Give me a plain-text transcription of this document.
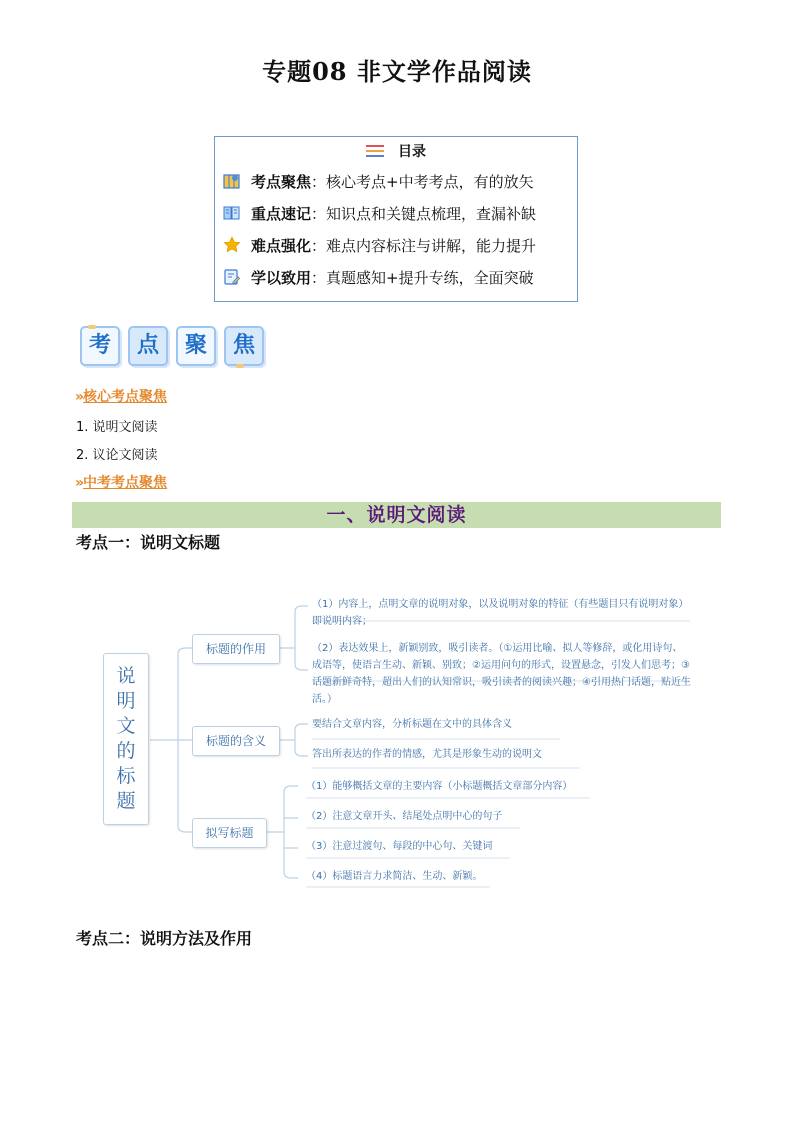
专题08 非文学作品阅读
目录
考点聚焦：核心考点+中考考点，有的放矢
重点速记：知识点和关键点梳理，查漏补缺
难点强化：难点内容标注与讲解，能力提升
学以致用：真题感知+提升专练，全面突破
考	点	聚	焦
» 核心考点聚焦
1. 说明文阅读
2. 议论文阅读
» 中考考点聚焦
一、说明文阅读
考点一：说明文标题
说明文的标题
标题的作用
标题的含义
拟写标题
（1）内容上，点明文章的说明对象，以及说明对象的特征（有些题目只有说明对象）即说明内容；
（2）表达效果上，新颖别致，吸引读者。（①运用比喻、拟人等修辞，或化用诗句、成语等，使语言生动、新颖、别致；②运用问句的形式，设置悬念，引发人们思考；③话题新鲜奇特，超出人们的认知常识，吸引读者的阅读兴趣；④引用热门话题，贴近生活。）
要结合文章内容，分析标题在文中的具体含义
答出所表达的作者的情感，尤其是形象生动的说明文
（1）能够概括文章的主要内容（小标题概括文章部分内容）
（2）注意文章开头、结尾处点明中心的句子
（3）注意过渡句、每段的中心句、关键词
（4）标题语言力求简洁、生动、新颖。
考点二：说明方法及作用
